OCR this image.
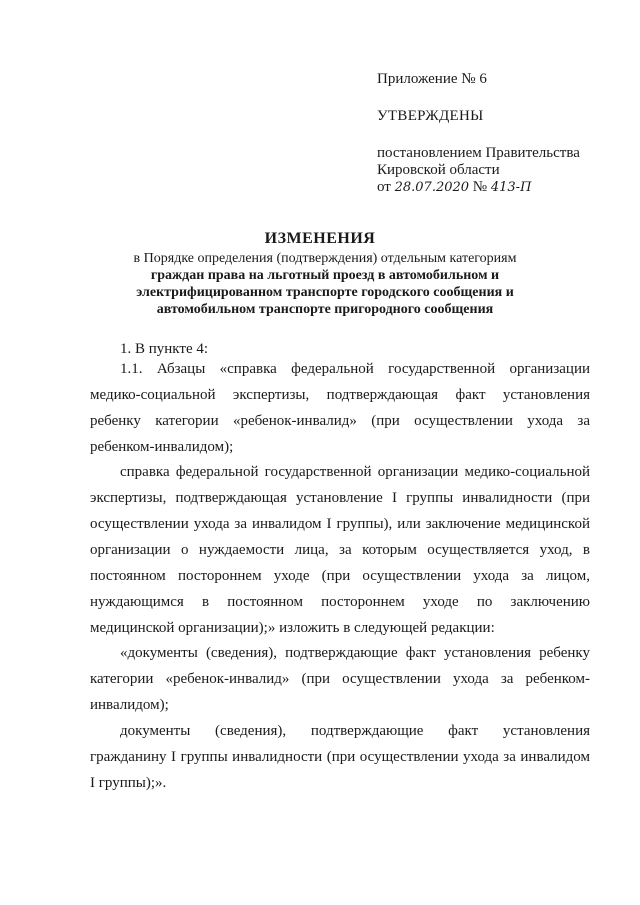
Приложение № 6
УТВЕРЖДЕНЫ
постановлением Правительства
Кировской области
от 28.07.2020 № 413-П
ИЗМЕНЕНИЯ
в Порядке определения (подтверждения) отдельным категориям
граждан права на льготный проезд в автомобильном и
электрифицированном транспорте городского сообщения и
автомобильном транспорте пригородного сообщения
1. В пункте 4:
1.1. Абзацы «справка федеральной государственной организации
медико-социальной экспертизы, подтверждающая факт установления
ребенку категории «ребенок-инвалид» (при осуществлении ухода за
ребенком-инвалидом);
справка федеральной государственной организации медико-социальной
экспертизы, подтверждающая установление I группы инвалидности (при
осуществлении ухода за инвалидом I группы), или заключение медицинской
организации о нуждаемости лица, за которым осуществляется уход, в
постоянном постороннем уходе (при осуществлении ухода за лицом,
нуждающимся в постоянном постороннем уходе по заключению
медицинской организации);» изложить в следующей редакции:
«документы (сведения), подтверждающие факт установления ребенку
категории «ребенок-инвалид» (при осуществлении ухода за ребенком-
инвалидом);
документы (сведения), подтверждающие факт установления
гражданину I группы инвалидности (при осуществлении ухода за инвалидом
I группы);».
